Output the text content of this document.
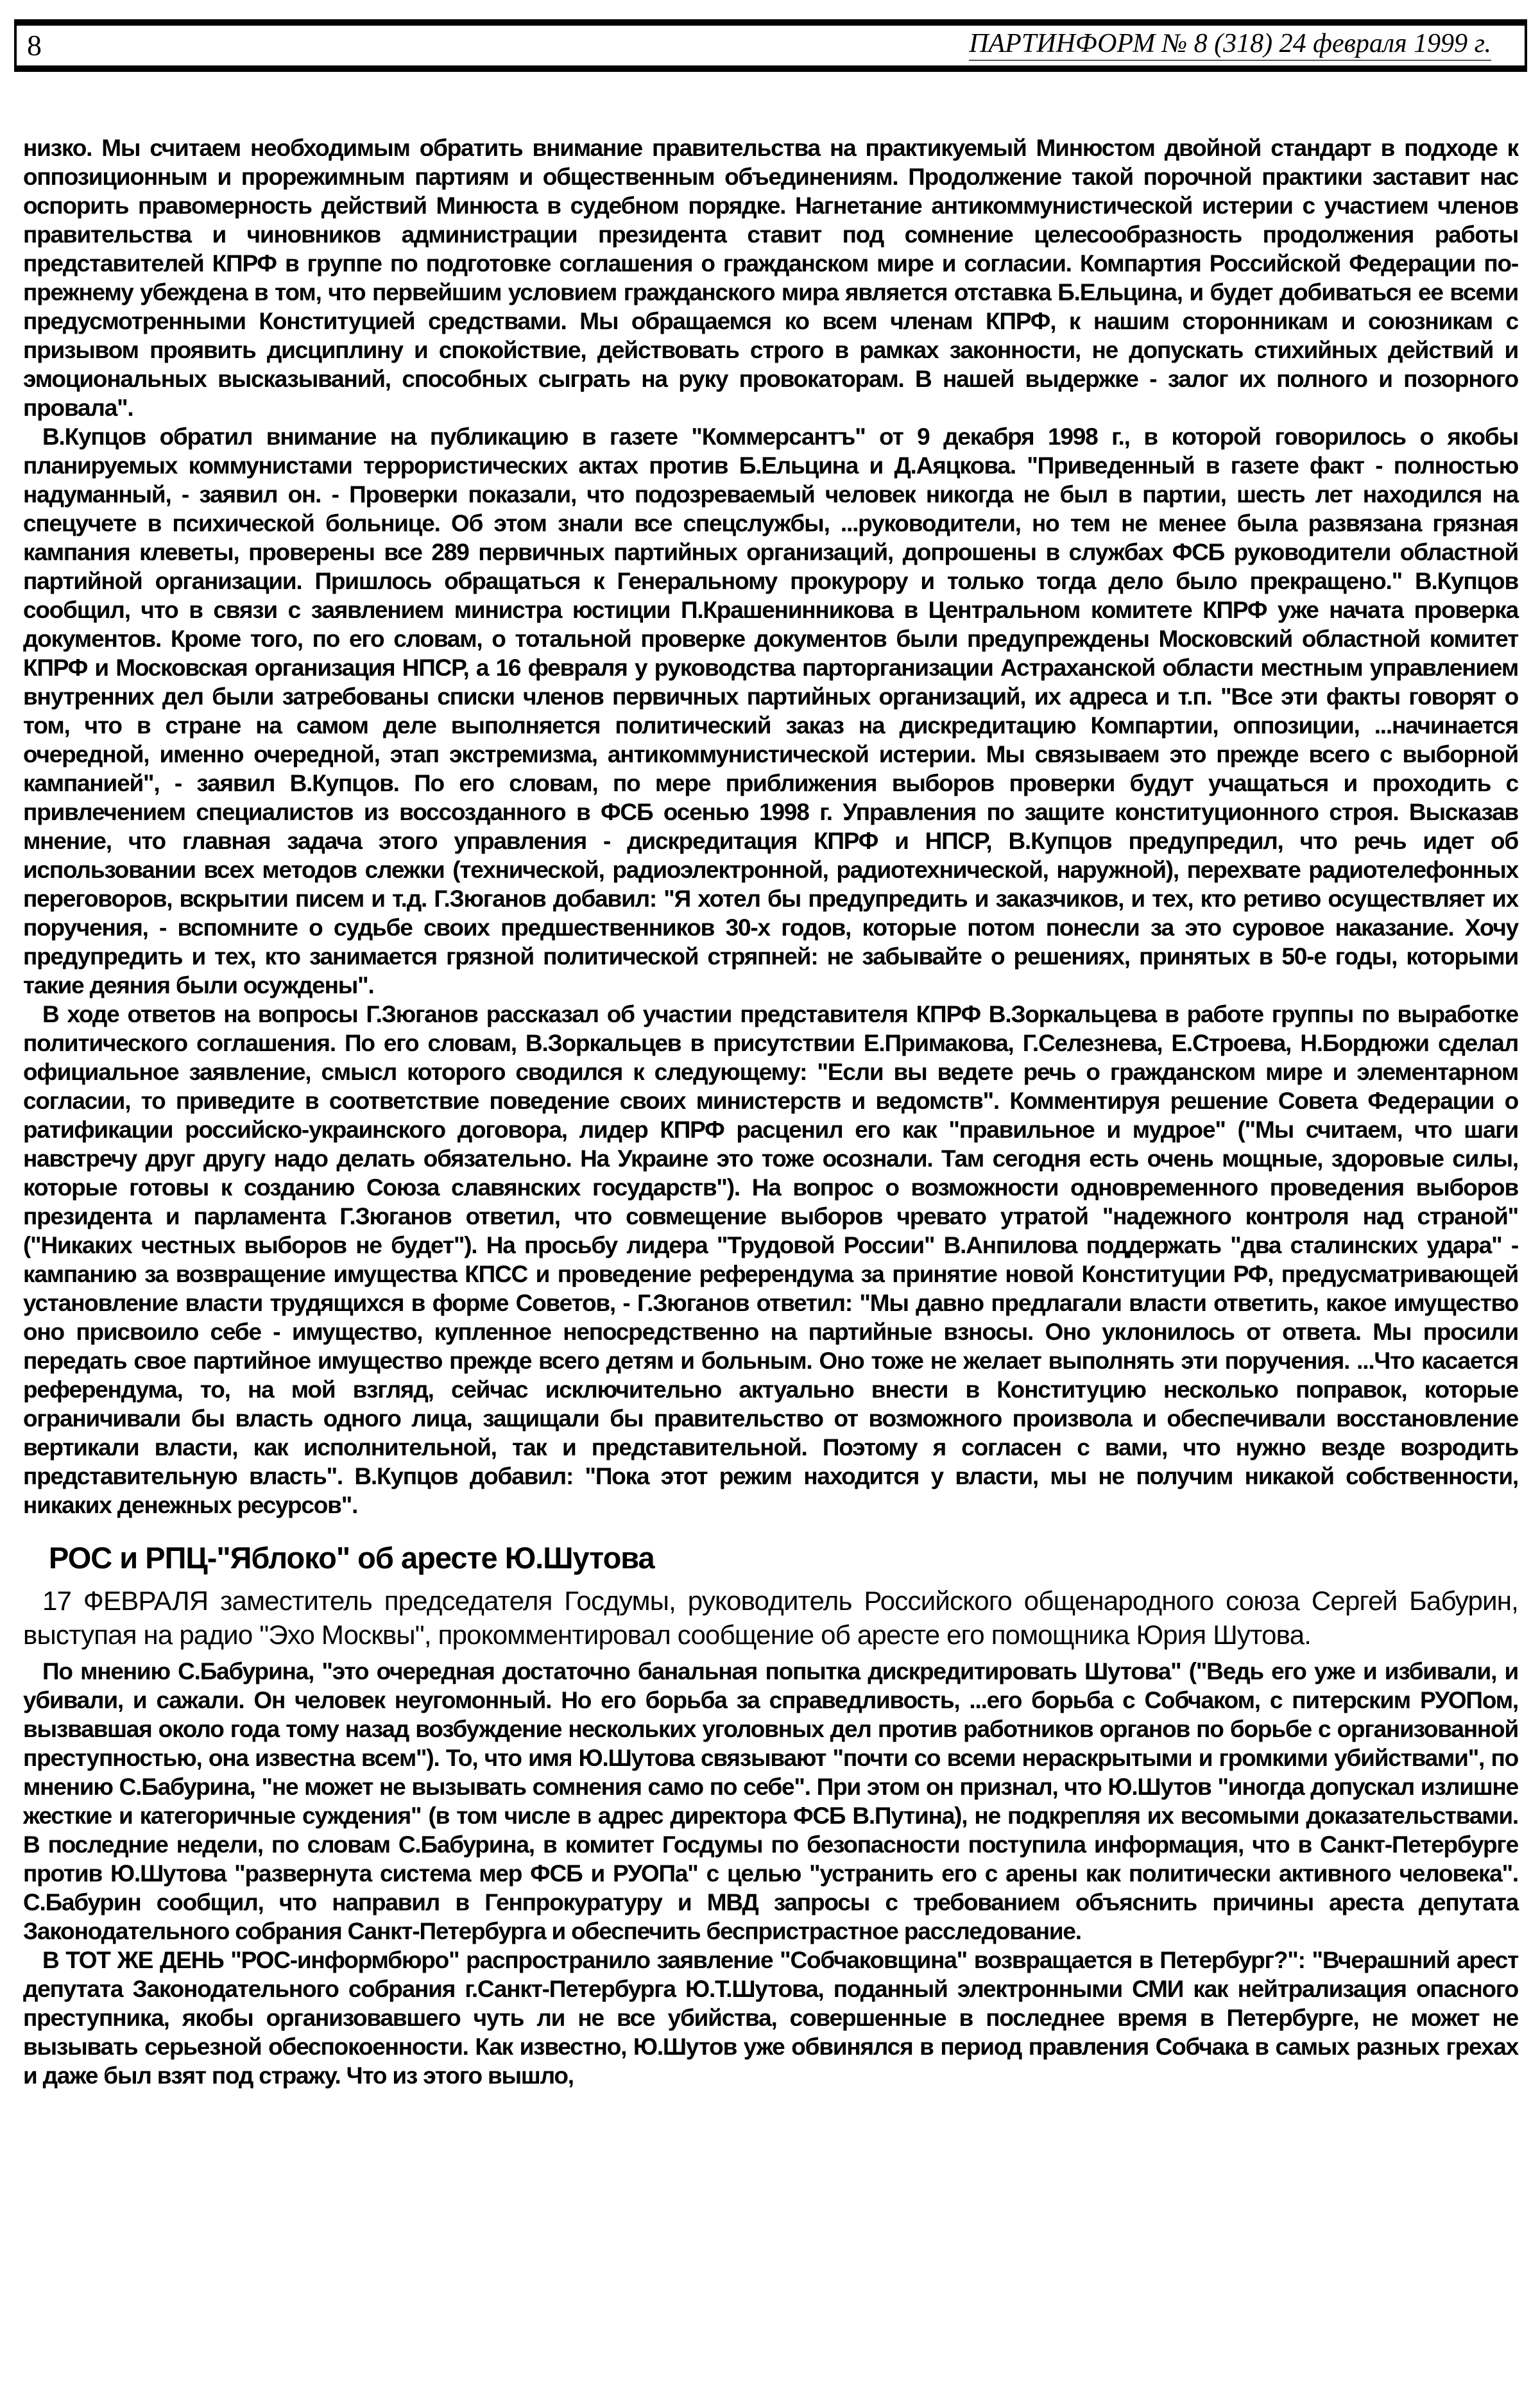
8	ПАРТИНФОРМ № 8 (318) 24 февраля 1999 г.

низко. Мы считаем необходимым обратить внимание правительства на практикуемый Минюстом двойной стандарт в подходе к оппозиционным и прорежимным партиям и общественным объединениям. Продолжение такой порочной практики заставит нас оспорить правомерность действий Минюста в судебном порядке. Нагнетание антикоммунистической истерии с участием членов правительства и чиновников администрации президента ставит под сомнение целесообразность продолжения работы представителей КПРФ в группе по подготовке соглашения о гражданском мире и согласии. Компартия Российской Федерации по-прежнему убеждена в том, что первейшим условием гражданского мира является отставка Б.Ельцина, и будет добиваться ее всеми предусмотренными Конституцией средствами. Мы обращаемся ко всем членам КПРФ, к нашим сторонникам и союзникам с призывом проявить дисциплину и спокойствие, действовать строго в рамках законности, не допускать стихийных действий и эмоциональных высказываний, способных сыграть на руку провокаторам. В нашей выдержке - залог их полного и позорного провала".

В.Купцов обратил внимание на публикацию в газете "Коммерсантъ" от 9 декабря 1998 г., в которой говорилось о якобы планируемых коммунистами террористических актах против Б.Ельцина и Д.Аяцкова. "Приведенный в газете факт - полностью надуманный, - заявил он. - Проверки показали, что подозреваемый человек никогда не был в партии, шесть лет находился на спецучете в психической больнице. Об этом знали все спецслужбы, ...руководители, но тем не менее была развязана грязная кампания клеветы, проверены все 289 первичных партийных организаций, допрошены в службах ФСБ руководители областной партийной организации. Пришлось обращаться к Генеральному прокурору и только тогда дело было прекращено." В.Купцов сообщил, что в связи с заявлением министра юстиции П.Крашенинникова в Центральном комитете КПРФ уже начата проверка документов. Кроме того, по его словам, о тотальной проверке документов были предупреждены Московский областной комитет КПРФ и Московская организация НПСР, а 16 февраля у руководства парторганизации Астраханской области местным управлением внутренних дел были затребованы списки членов первичных партийных организаций, их адреса и т.п. "Все эти факты говорят о том, что в стране на самом деле выполняется политический заказ на дискредитацию Компартии, оппозиции, ...начинается очередной, именно очередной, этап экстремизма, антикоммунистической истерии. Мы связываем это прежде всего с выборной кампанией", - заявил В.Купцов. По его словам, по мере приближения выборов проверки будут учащаться и проходить с привлечением специалистов из воссозданного в ФСБ осенью 1998 г. Управления по защите конституционного строя. Высказав мнение, что главная задача этого управления - дискредитация КПРФ и НПСР, В.Купцов предупредил, что речь идет об использовании всех методов слежки (технической, радиоэлектронной, радиотехнической, наружной), перехвате радиотелефонных переговоров, вскрытии писем и т.д. Г.Зюганов добавил: "Я хотел бы предупредить и заказчиков, и тех, кто ретиво осуществляет их поручения, - вспомните о судьбе своих предшественников 30-х годов, которые потом понесли за это суровое наказание. Хочу предупредить и тех, кто занимается грязной политической стряпней: не забывайте о решениях, принятых в 50-е годы, которыми такие деяния были осуждены".

В ходе ответов на вопросы Г.Зюганов рассказал об участии представителя КПРФ В.Зоркальцева в работе группы по выработке политического соглашения. По его словам, В.Зоркальцев в присутствии Е.Примакова, Г.Селезнева, Е.Строева, Н.Бордюжи сделал официальное заявление, смысл которого сводился к следующему: "Если вы ведете речь о гражданском мире и элементарном согласии, то приведите в соответствие поведение своих министерств и ведомств". Комментируя решение Совета Федерации о ратификации российско-украинского договора, лидер КПРФ расценил его как "правильное и мудрое" ("Мы считаем, что шаги навстречу друг другу надо делать обязательно. На Украине это тоже осознали. Там сегодня есть очень мощные, здоровые силы, которые готовы к созданию Союза славянских государств"). На вопрос о возможности одновременного проведения выборов президента и парламента Г.Зюганов ответил, что совмещение выборов чревато утратой "надежного контроля над страной" ("Никаких честных выборов не будет"). На просьбу лидера "Трудовой России" В.Анпилова поддержать "два сталинских удара" - кампанию за возвращение имущества КПСС и проведение референдума за принятие новой Конституции РФ, предусматривающей установление власти трудящихся в форме Советов, - Г.Зюганов ответил: "Мы давно предлагали власти ответить, какое имущество оно присвоило себе - имущество, купленное непосредственно на партийные взносы. Оно уклонилось от ответа. Мы просили передать свое партийное имущество прежде всего детям и больным. Оно тоже не желает выполнять эти поручения. ...Что касается референдума, то, на мой взгляд, сейчас исключительно актуально внести в Конституцию несколько поправок, которые ограничивали бы власть одного лица, защищали бы правительство от возможного произвола и обеспечивали восстановление вертикали власти, как исполнительной, так и представительной. Поэтому я согласен с вами, что нужно везде возродить представительную власть". В.Купцов добавил: "Пока этот режим находится у власти, мы не получим никакой собственности, никаких денежных ресурсов".

РОС и РПЦ-"Яблоко" об аресте Ю.Шутова

17 ФЕВРАЛЯ заместитель председателя Госдумы, руководитель Российского общенародного союза Сергей Бабурин, выступая на радио "Эхо Москвы", прокомментировал сообщение об аресте его помощника Юрия Шутова.

По мнению С.Бабурина, "это очередная достаточно банальная попытка дискредитировать Шутова" ("Ведь его уже и избивали, и убивали, и сажали. Он человек неугомонный. Но его борьба за справедливость, ...его борьба с Собчаком, с питерским РУОПом, вызвавшая около года тому назад возбуждение нескольких уголовных дел против работников органов по борьбе с организованной преступностью, она известна всем"). То, что имя Ю.Шутова связывают "почти со всеми нераскрытыми и громкими убийствами", по мнению С.Бабурина, "не может не вызывать сомнения само по себе". При этом он признал, что Ю.Шутов "иногда допускал излишне жесткие и категоричные суждения" (в том числе в адрес директора ФСБ В.Путина), не подкрепляя их весомыми доказательствами. В последние недели, по словам С.Бабурина, в комитет Госдумы по безопасности поступила информация, что в Санкт-Петербурге против Ю.Шутова "развернута система мер ФСБ и РУОПа" с целью "устранить его с арены как политически активного человека". С.Бабурин сообщил, что направил в Генпрокуратуру и МВД запросы с требованием объяснить причины ареста депутата Законодательного собрания Санкт-Петербурга и обеспечить беспристрастное расследование.

В ТОТ ЖЕ ДЕНЬ "РОС-информбюро" распространило заявление "Собчаковщина" возвращается в Петербург?": "Вчерашний арест депутата Законодательного собрания г.Санкт-Петербурга Ю.Т.Шутова, поданный электронными СМИ как нейтрализация опасного преступника, якобы организовавшего чуть ли не все убийства, совершенные в последнее время в Петербурге, не может не вызывать серьезной обеспокоенности. Как известно, Ю.Шутов уже обвинялся в период правления Собчака в самых разных грехах и даже был взят под стражу. Что из этого вышло,
